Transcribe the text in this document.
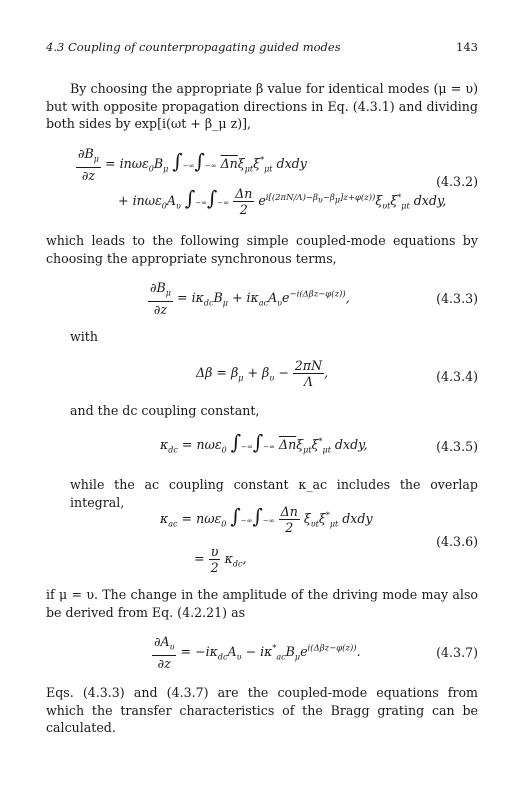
4.3 Coupling of counterpropagating guided modes	143

By choosing the appropriate β value for identical modes (μ = υ) but with opposite propagation directions in Eq. (4.3.1) and dividing both sides by exp[i(ωt + β_μ z)],

$\frac{\partial B_\mu}{\partial z} = in\omega\varepsilon_0B_\mu$ ∫−∞∫−∞ $\overline{\Delta n}\xi_{\mu t}\xi^*_{\mu t}$ dxdy
+ $in\omega\varepsilon_0A_\upsilon$ ∫−∞∫−∞ $\frac{\Delta n}{2} e^{i[(2\pi N/\Lambda)-\beta_\upsilon-\beta_\mu]z+\varphi(z))}\xi_{\upsilon t}\xi^*_{\mu t}$ dxdy,
(4.3.2)

which leads to the following simple coupled-mode equations by choosing the appropriate synchronous terms,

$\frac{\partial B_\mu}{\partial z} = i\kappa_{dc}B_\mu + i\kappa_{ac}A_\upsilon e^{-i(\Delta\beta z-\varphi(z))}$,	(4.3.3)

with

$\Delta\beta = \beta_\mu + \beta_\upsilon - \frac{2\pi N}{\Lambda}$ ,	(4.3.4)

and the dc coupling constant,

$\kappa_{dc} = n\omega\varepsilon_0$ ∫−∞∫−∞ $\overline{\Delta n}\xi_{\mu t}\xi^*_{\mu t}$ dxdy,	(4.3.5)

while the ac coupling constant κ_ac includes the overlap integral,

$\kappa_{ac} = n\omega\varepsilon_0$ ∫−∞∫−∞ $\frac{\Delta n}{2} \xi_{\upsilon t}\xi^*_{\mu t}$ dxdy
= $\frac{\upsilon}{2} \kappa_{dc}$,
(4.3.6)

if μ = υ. The change in the amplitude of the driving mode may also be derived from Eq. (4.2.21) as

$\frac{\partial A_\upsilon}{\partial z} = -i\kappa_{dc}A_\upsilon - i\kappa^*_{ac}B_\mu e^{i(\Delta\beta z-\varphi(z))}$.	(4.3.7)

Eqs. (4.3.3) and (4.3.7) are the coupled-mode equations from which the transfer characteristics of the Bragg grating can be calculated.
